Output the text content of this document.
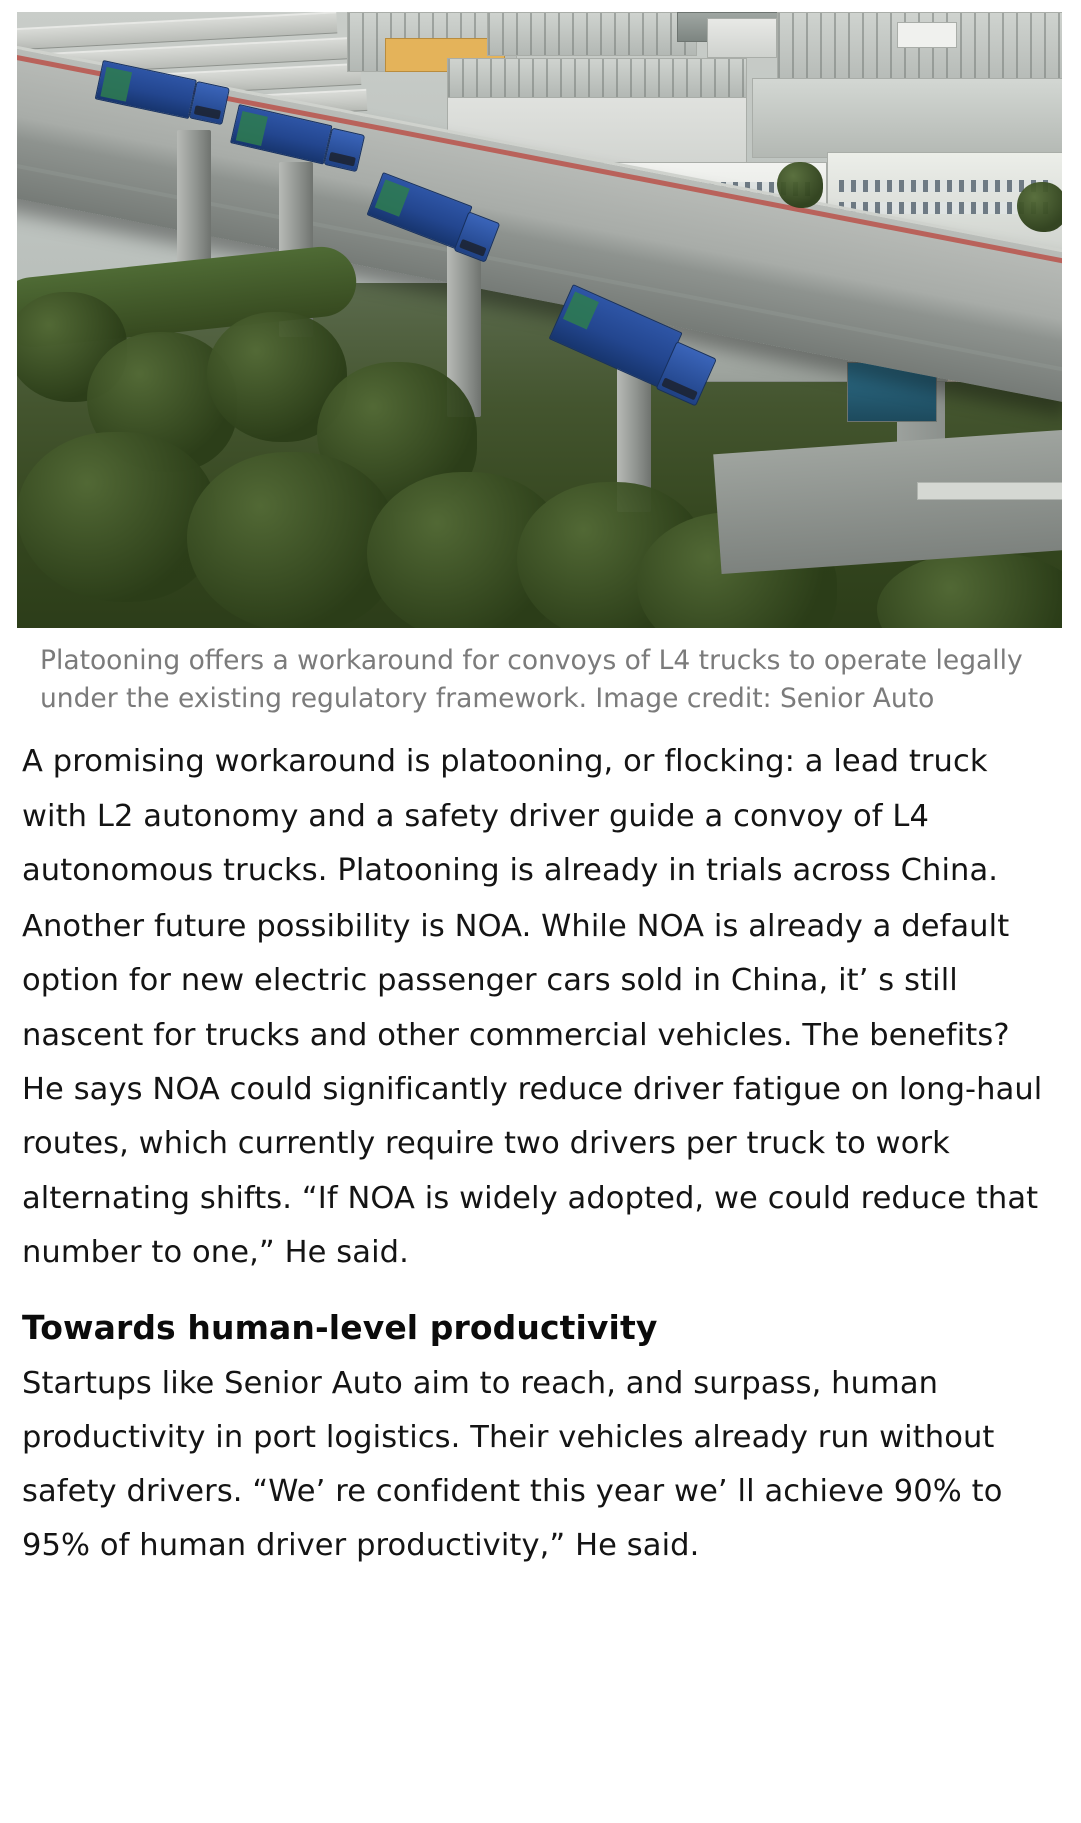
Platooning offers a workaround for convoys of L4 trucks to operate legally under the existing regulatory framework. Image credit: Senior Auto

A promising workaround is platooning, or flocking: a lead truck with L2 autonomy and a safety driver guide a convoy of L4 autonomous trucks. Platooning is already in trials across China.

Another future possibility is NOA. While NOA is already a default option for new electric passenger cars sold in China, it’ s still nascent for trucks and other commercial vehicles. The benefits? He says NOA could significantly reduce driver fatigue on long-haul routes, which currently require two drivers per truck to work alternating shifts. “If NOA is widely adopted, we could reduce that number to one,” He said.

Towards human-level productivity

Startups like Senior Auto aim to reach, and surpass, human productivity in port logistics. Their vehicles already run without safety drivers. “We’ re confident this year we’ ll achieve 90% to 95% of human driver productivity,” He said.
